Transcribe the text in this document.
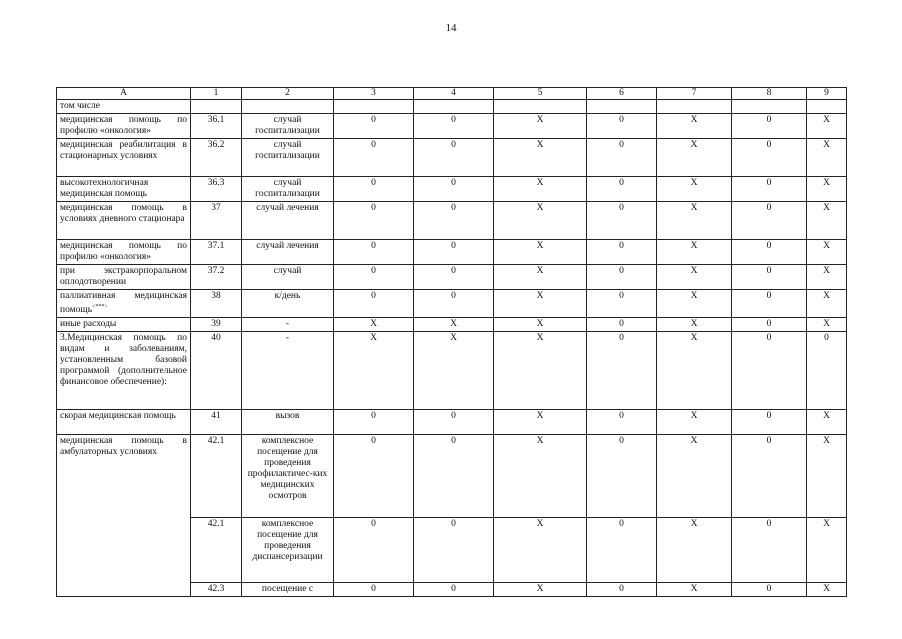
14
А	1	2	3	4	5	6	7	8	9
том числе									
медицинская помощь по профилю «онкология»	36.1	случай госпитализации	0	0	X	0	X	0	X
медицинская реабилитация в стационарных условиях	36.2	случай госпитализации	0	0	X	0	X	0	X
высокотехнологичная медицинская помощь	36.3	случай госпитализации	0	0	X	0	X	0	X
медицинская помощь в условиях дневного стационара	37	случай лечения	0	0	X	0	X	0	X
медицинская помощь по профилю «онкология»	37.1	случай лечения	0	0	X	0	X	0	X
при экстракорпоральном оплодотворении	37.2	случай	0	0	X	0	X	0	X
паллиативная медицинская помощь<***>	38	к/день	0	0	X	0	X	0	X
иные расходы	39	-	X	X	X	0	X	0	X
3.Медицинская помощь по видам и заболеваниям, установленным базовой программой (дополнительное финансовое обеспечение):	40	-	X	X	X	0	X	0	0
скорая медицинская помощь	41	вызов	0	0	X	0	X	0	X
медицинская помощь в амбулаторных условиях	42.1	комплексное посещение для проведения профилактичес-ких медицинских осмотров	0	0	X	0	X	0	X
	42.1	комплексное посещение для проведения диспансеризации	0	0	X	0	X	0	X
	42.3	посещение с	0	0	X	0	X	0	X
